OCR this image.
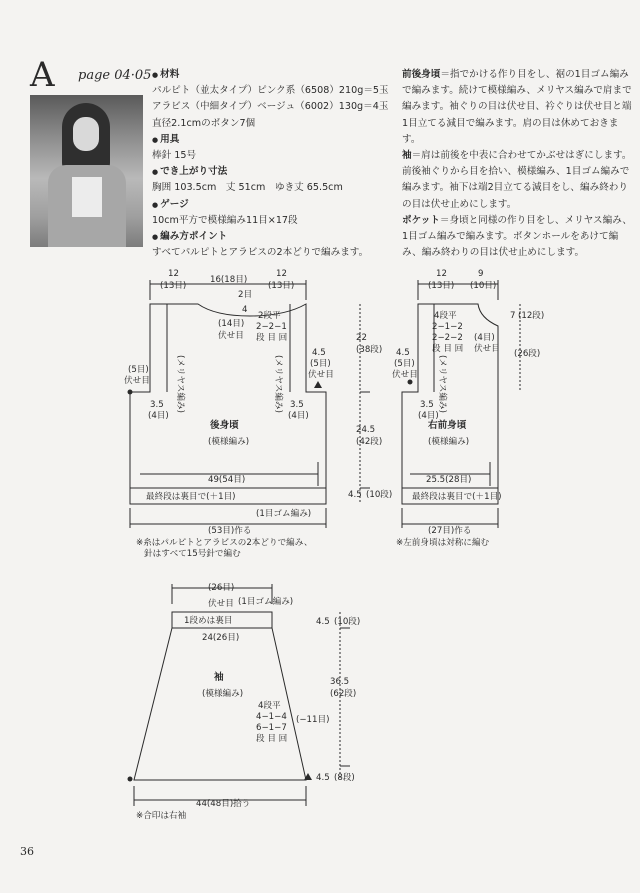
A page 04·05
● 材料
パルピト（並太タイプ）ピンク系（6508）210g＝5玉
アラビス（中細タイプ）ベージュ（6002）130g＝4玉
直径2.1cmのボタン7個
● 用具
棒針 15号
● でき上がり寸法
胸囲 103.5cm　丈 51cm　ゆき丈 65.5cm
● ゲージ
10cm平方で模様編み11目×17段
● 編み方ポイント
すべてパルピトとアラビスの2本どりで編みます。
前後身頃＝指でかける作り目をし、裾の1目ゴム編みで編みます。続けて模様編み、メリヤス編みで肩まで編みます。袖ぐりの目は伏せ目、衿ぐりは伏せ目と端1目立てる減目で編みます。肩の目は休めておきます。
袖＝肩は前後を中表に合わせてかぶせはぎにします。前後袖ぐりから目を拾い、模様編み、1目ゴム編みで編みます。袖下は端2目立てる減目をし、編み終わりの目は伏せ止めにします。
ポケット＝身頃と同様の作り目をし、メリヤス編み、1目ゴム編みで編みます。ボタンホールをあけて編み、編み終わりの目は伏せ止めにします。
12
(13目)
16(18目)
12
(13目)
2目
4
(14目)
伏せ目
2段平
2−2−1
段 目 回	22
(38段)
(5目)
伏せ目	(メリヤス編み)	(メリヤス編み)
4.5
(5目)
伏せ目
3.5
(4目)
3.5
(4目)
後身頃
(模様編み)
24.5
(42段)
49(54目)
最終段は裏目で(＋1目)
(1目ゴム編み)
4.5 (10段)
(53目)作る
※糸はパルピトとアラビスの2本どりで編み、
針はすべて15号針で編む
12
(13目)
9
(10目)
4段平
2−1−2
2−2−2
段 目 回
(4目)
伏せ目
7 (12段)
(26段)
4.5
(5目)
伏せ目 (メリヤス編み)
3.5
(4目)
右前身頃
(模様編み)
25.5(28目)
最終段は裏目で(＋1目)
(27目)作る
※左前身頃は対称に編む
(26目)
(1目ゴム編み)
伏せ目
1段めは裏目	4.5 (10段)
24(26目)
袖
(模様編み)
4段平
4−1−4
6−1−7
段 目 回
(−11目)
36.5
(62段)
4.5 (8段)
44(48目)拾う
※合印は右袖
36
